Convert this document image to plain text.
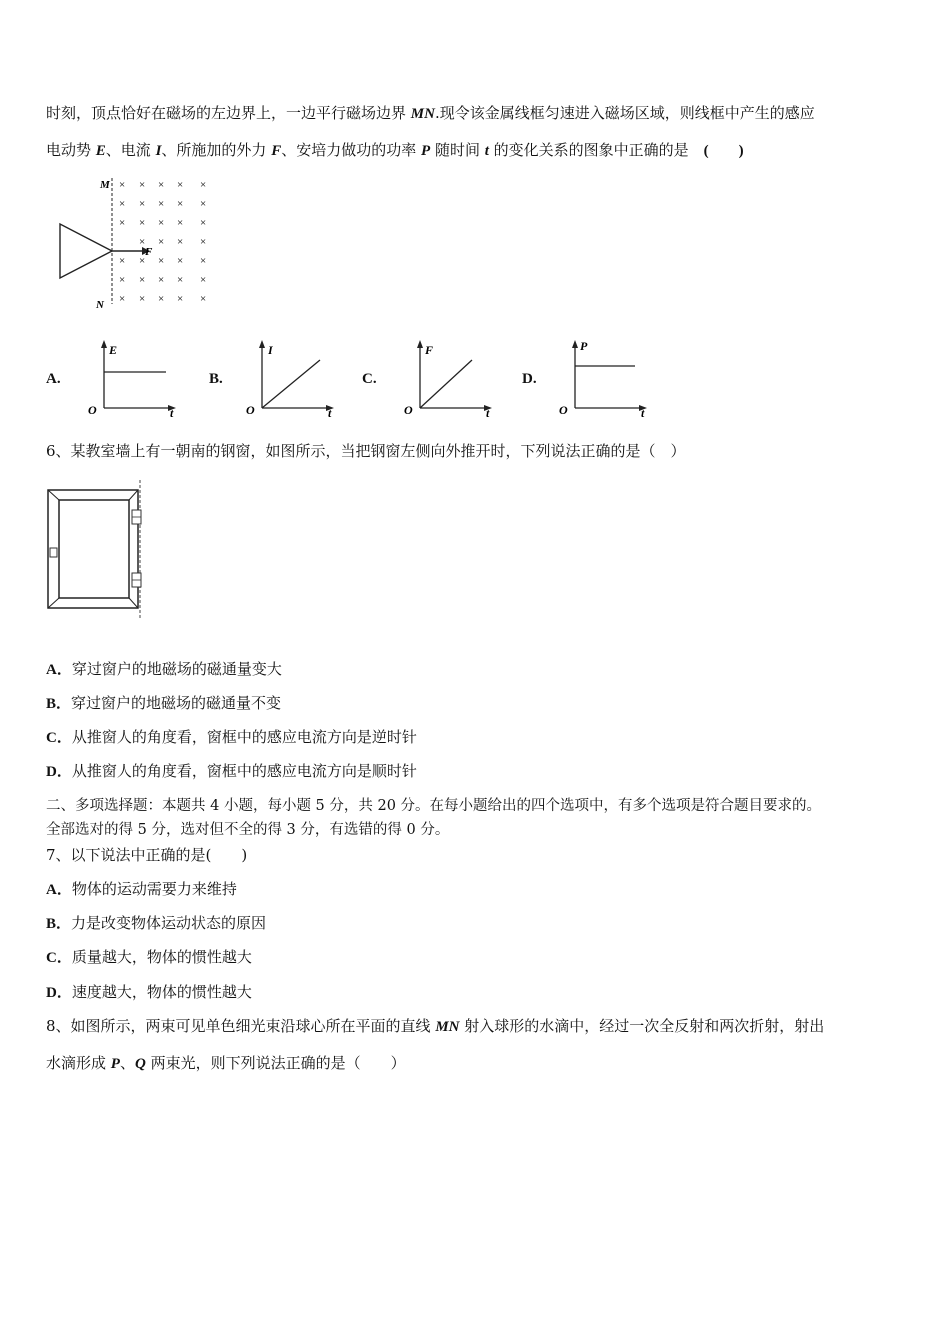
时刻，顶点恰好在磁场的左边界上，一边平行磁场边界 MN.现令该金属线框匀速进入磁场区域，则线框中产生的感应
电动势 E、电流 I、所施加的外力 F、安培力做功的功率 P 随时间 t 的变化关系的图象中正确的是　(　　)
M
N
F
× × × × ×
× × × × ×
× × × × ×
× × × ×
× × × × ×
× × × × ×
× × × × ×
A.
E
O	t
B.
I
O	t
C.
F
O	t
D.
P
O	t
6、某教室墙上有一朝南的钢窗，如图所示，当把钢窗左侧向外推开时，下列说法正确的是（　）
A．穿过窗户的地磁场的磁通量变大
B．穿过窗户的地磁场的磁通量不变
C．从推窗人的角度看，窗框中的感应电流方向是逆时针
D．从推窗人的角度看，窗框中的感应电流方向是顺时针
二、多项选择题：本题共 4 小题，每小题 5 分，共 20 分。在每小题给出的四个选项中，有多个选项是符合题目要求的。
全部选对的得 5 分，选对但不全的得 3 分，有选错的得 0 分。
7、以下说法中正确的是(　　)
A．物体的运动需要力来维持
B．力是改变物体运动状态的原因
C．质量越大，物体的惯性越大
D．速度越大，物体的惯性越大
8、如图所示，两束可见单色细光束沿球心所在平面的直线 MN 射入球形的水滴中，经过一次全反射和两次折射，射出
水滴形成 P、Q 两束光，则下列说法正确的是（　　）
